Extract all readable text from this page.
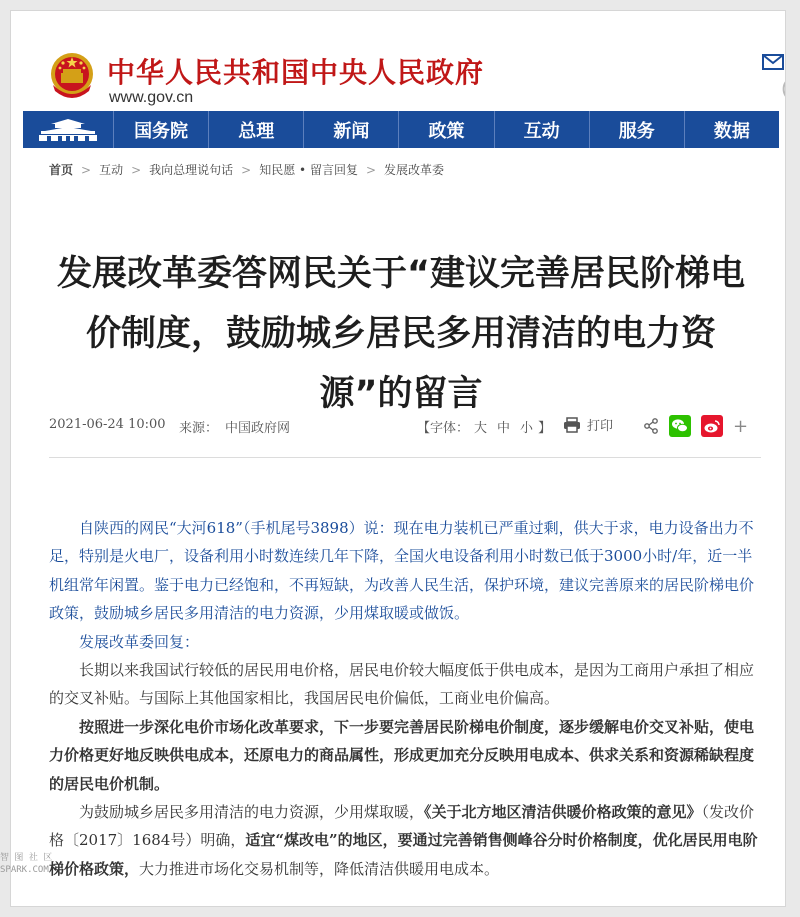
中华人民共和国中央人民政府
www.gov.cn
国务院	总理	新闻	政策	互动	服务	数据
首页 > 互动 > 我向总理说句话 > 知民愿 • 留言回复 > 发展改革委
发展改革委答网民关于“建议完善居民阶梯电价制度，鼓励城乡居民多用清洁的电力资源”的留言
2021-06-24 10:00 来源： 中国政府网	【字体： 大 中 小 】	打印	+

自陕西的网民“大河618”（手机尾号3898）说：现在电力装机已严重过剩，供大于求，电力设备出力不足，特别是火电厂，设备利用小时数连续几年下降，全国火电设备利用小时数已低于3000小时/年，近一半机组常年闲置。鉴于电力已经饱和，不再短缺，为改善人民生活，保护环境，建议完善原来的居民阶梯电价政策，鼓励城乡居民多用清洁的电力资源，少用煤取暖或做饭。

发展改革委回复：

长期以来我国试行较低的居民用电价格，居民电价较大幅度低于供电成本，是因为工商用户承担了相应的交叉补贴。与国际上其他国家相比，我国居民电价偏低，工商业电价偏高。

按照进一步深化电价市场化改革要求，下一步要完善居民阶梯电价制度，逐步缓解电价交叉补贴，使电力价格更好地反映供电成本，还原电力的商品属性，形成更加充分反映用电成本、供求关系和资源稀缺程度的居民电价机制。

为鼓励城乡居民多用清洁的电力资源，少用煤取暖，《关于北方地区清洁供暖价格政策的意见》（发改价格〔2017〕1684号）明确，适宜“煤改电”的地区，要通过完善销售侧峰谷分时价格制度，优化居民用电阶梯价格政策，大力推进市场化交易机制等，降低清洁供暖用电成本。

智 图 社 区
SPARK.COM
